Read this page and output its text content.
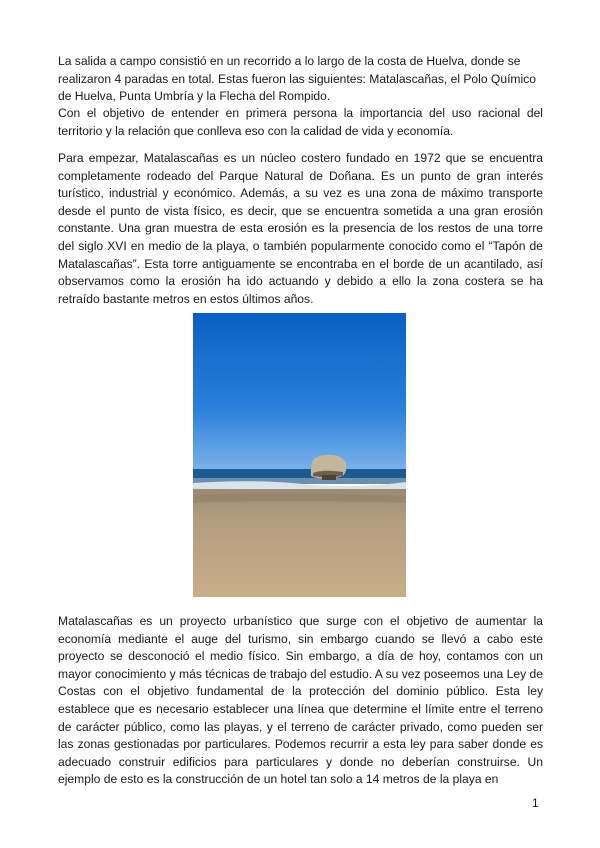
La salida a campo consistió en un recorrido a lo largo de la costa de Huelva, donde se realizaron 4 paradas en total. Estas fueron las siguientes: Matalascañas, el Polo Químico de Huelva, Punta Umbría y la Flecha del Rompido.

Con el objetivo de entender en primera persona la importancia del uso racional del territorio y la relación que conlleva eso con la calidad de vida y economía.

Para empezar, Matalascañas es un núcleo costero fundado en 1972 que se encuentra completamente rodeado del Parque Natural de Doñana. Es un punto de gran interés turístico, industrial y económico. Además, a su vez es una zona de máximo transporte desde el punto de vista físico, es decir, que se encuentra sometida a una gran erosión constante. Una gran muestra de esta erosión es la presencia de los restos de una torre del siglo XVI en medio de la playa, o también popularmente conocido como el “Tapón de Matalascañas”. Esta torre antiguamente se encontraba en el borde de un acantilado, así observamos como la erosión ha ido actuando y debido a ello la zona costera se ha retraído bastante metros en estos últimos años.

Matalascañas es un proyecto urbanístico que surge con el objetivo de aumentar la economía mediante el auge del turismo, sin embargo cuando se llevó a cabo este proyecto se desconoció el medio físico. Sin embargo, a día de hoy, contamos con un mayor conocimiento y más técnicas de trabajo del estudio. A su vez poseemos una Ley de Costas con el objetivo fundamental de la protección del dominio público. Esta ley establece que es necesario establecer una línea que determine el límite entre el terreno de carácter público, como las playas, y el terreno de carácter privado, como pueden ser las zonas gestionadas por particulares. Podemos recurrir a esta ley para saber donde es adecuado construir edificios para particulares y donde no deberían construirse. Un ejemplo de esto es la construcción de un hotel tan solo a 14 metros de la playa en

1
